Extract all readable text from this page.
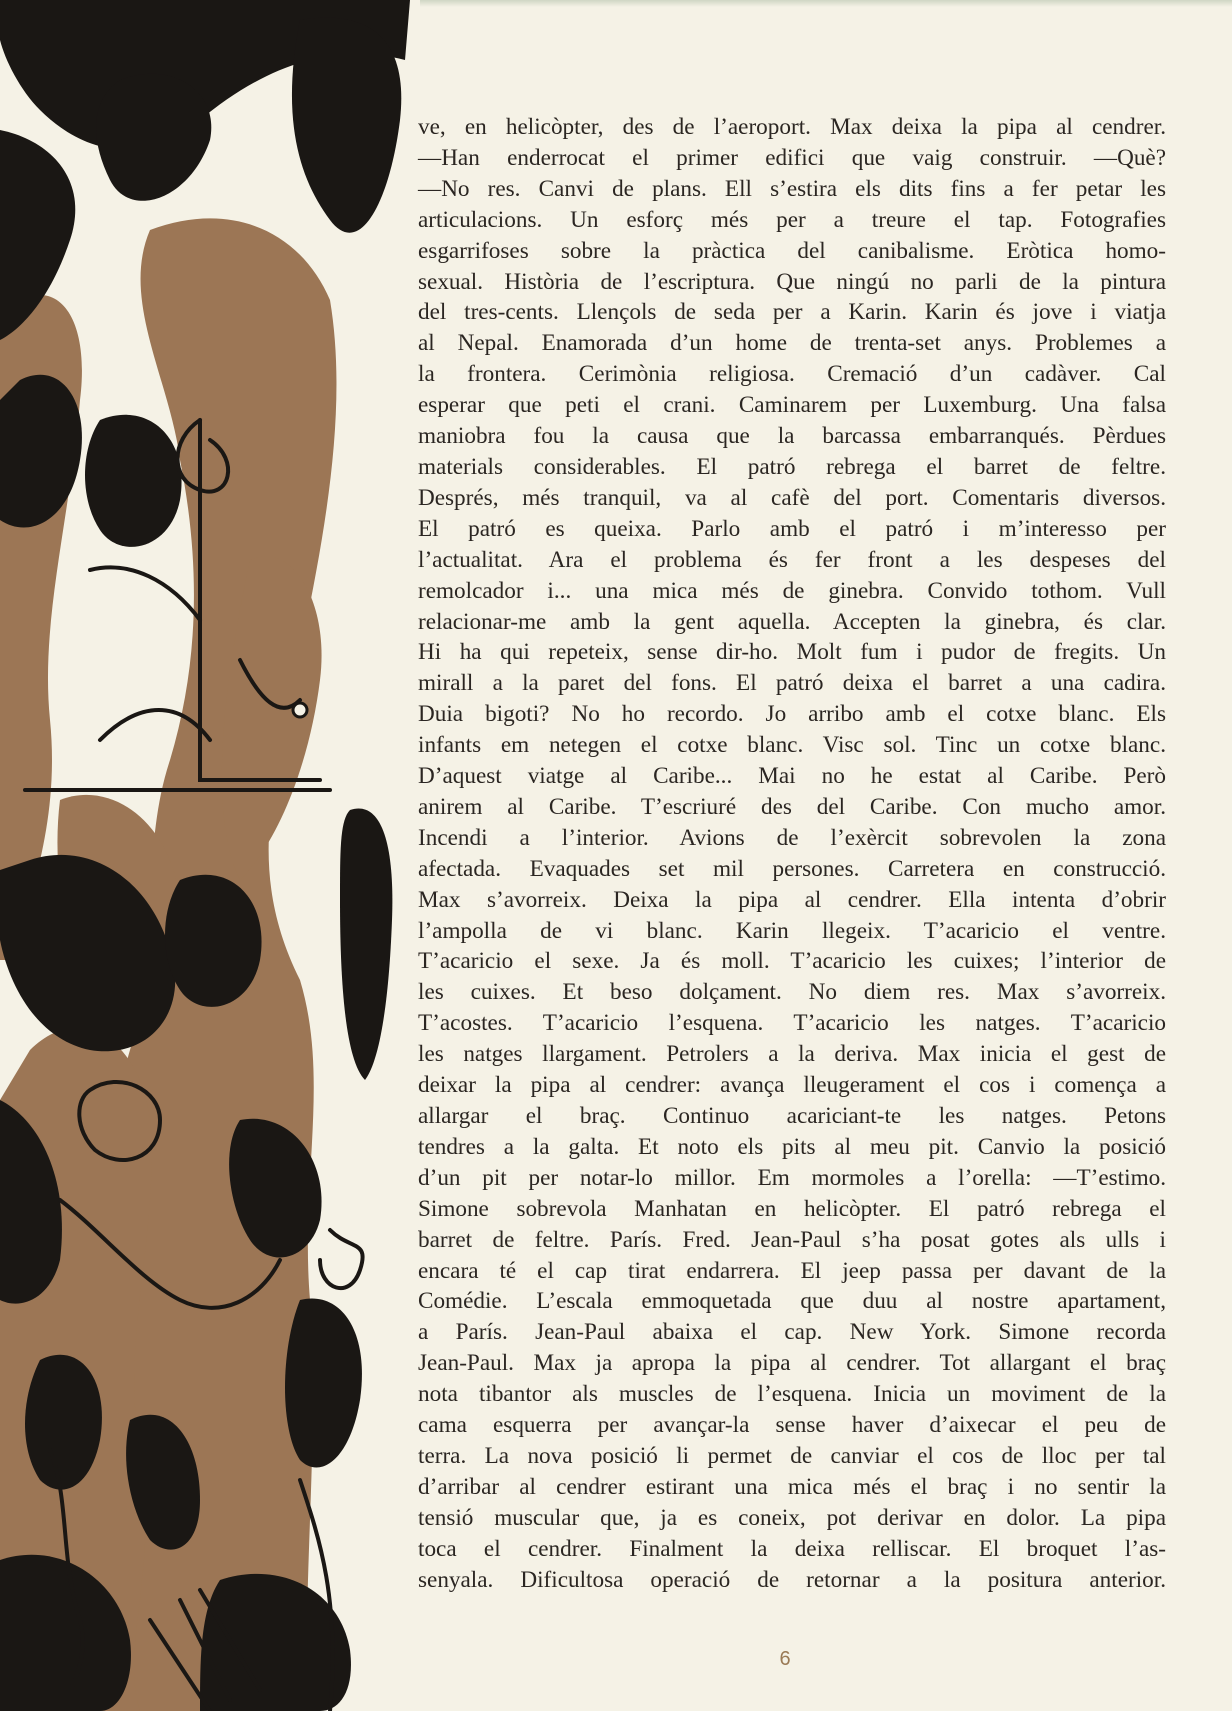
ve, en helicòpter, des de l’aeroport. Max deixa la pipa al cendrer.
—Han enderrocat el primer edifici que vaig construir. —Què?
—No res. Canvi de plans. Ell s’estira els dits fins a fer petar les
articulacions. Un esforç més per a treure el tap. Fotografies
esgarrifoses sobre la pràctica del canibalisme. Eròtica homo-
sexual. Història de l’escriptura. Que ningú no parli de la pintura
del tres-cents. Llençols de seda per a Karin. Karin és jove i viatja
al Nepal. Enamorada d’un home de trenta-set anys. Problemes a
la frontera. Cerimònia religiosa. Cremació d’un cadàver. Cal
esperar que peti el crani. Caminarem per Luxemburg. Una falsa
maniobra fou la causa que la barcassa embarranqués. Pèrdues
materials considerables. El patró rebrega el barret de feltre.
Després, més tranquil, va al cafè del port. Comentaris diversos.
El patró es queixa. Parlo amb el patró i m’interesso per
l’actualitat. Ara el problema és fer front a les despeses del
remolcador i... una mica més de ginebra. Convido tothom. Vull
relacionar-me amb la gent aquella. Accepten la ginebra, és clar.
Hi ha qui repeteix, sense dir-ho. Molt fum i pudor de fregits. Un
mirall a la paret del fons. El patró deixa el barret a una cadira.
Duia bigoti? No ho recordo. Jo arribo amb el cotxe blanc. Els
infants em netegen el cotxe blanc. Visc sol. Tinc un cotxe blanc.
D’aquest viatge al Caribe... Mai no he estat al Caribe. Però
anirem al Caribe. T’escriuré des del Caribe. Con mucho amor.
Incendi a l’interior. Avions de l’exèrcit sobrevolen la zona
afectada. Evaquades set mil persones. Carretera en construcció.
Max s’avorreix. Deixa la pipa al cendrer. Ella intenta d’obrir
l’ampolla de vi blanc. Karin llegeix. T’acaricio el ventre.
T’acaricio el sexe. Ja és moll. T’acaricio les cuixes; l’interior de
les cuixes. Et beso dolçament. No diem res. Max s’avorreix.
T’acostes. T’acaricio l’esquena. T’acaricio les natges. T’acaricio
les natges llargament. Petrolers a la deriva. Max inicia el gest de
deixar la pipa al cendrer: avança lleugerament el cos i comença a
allargar el braç. Continuo acariciant-te les natges. Petons
tendres a la galta. Et noto els pits al meu pit. Canvio la posició
d’un pit per notar-lo millor. Em mormoles a l’orella: —T’estimo.
Simone sobrevola Manhatan en helicòpter. El patró rebrega el
barret de feltre. París. Fred. Jean-Paul s’ha posat gotes als ulls i
encara té el cap tirat endarrera. El jeep passa per davant de la
Comédie. L’escala emmoquetada que duu al nostre apartament,
a París. Jean-Paul abaixa el cap. New York. Simone recorda
Jean-Paul. Max ja apropa la pipa al cendrer. Tot allargant el braç
nota tibantor als muscles de l’esquena. Inicia un moviment de la
cama esquerra per avançar-la sense haver d’aixecar el peu de
terra. La nova posició li permet de canviar el cos de lloc per tal
d’arribar al cendrer estirant una mica més el braç i no sentir la
tensió muscular que, ja es coneix, pot derivar en dolor. La pipa
toca el cendrer. Finalment la deixa relliscar. El broquet l’as-
senyala. Dificultosa operació de retornar a la positura anterior.

6
